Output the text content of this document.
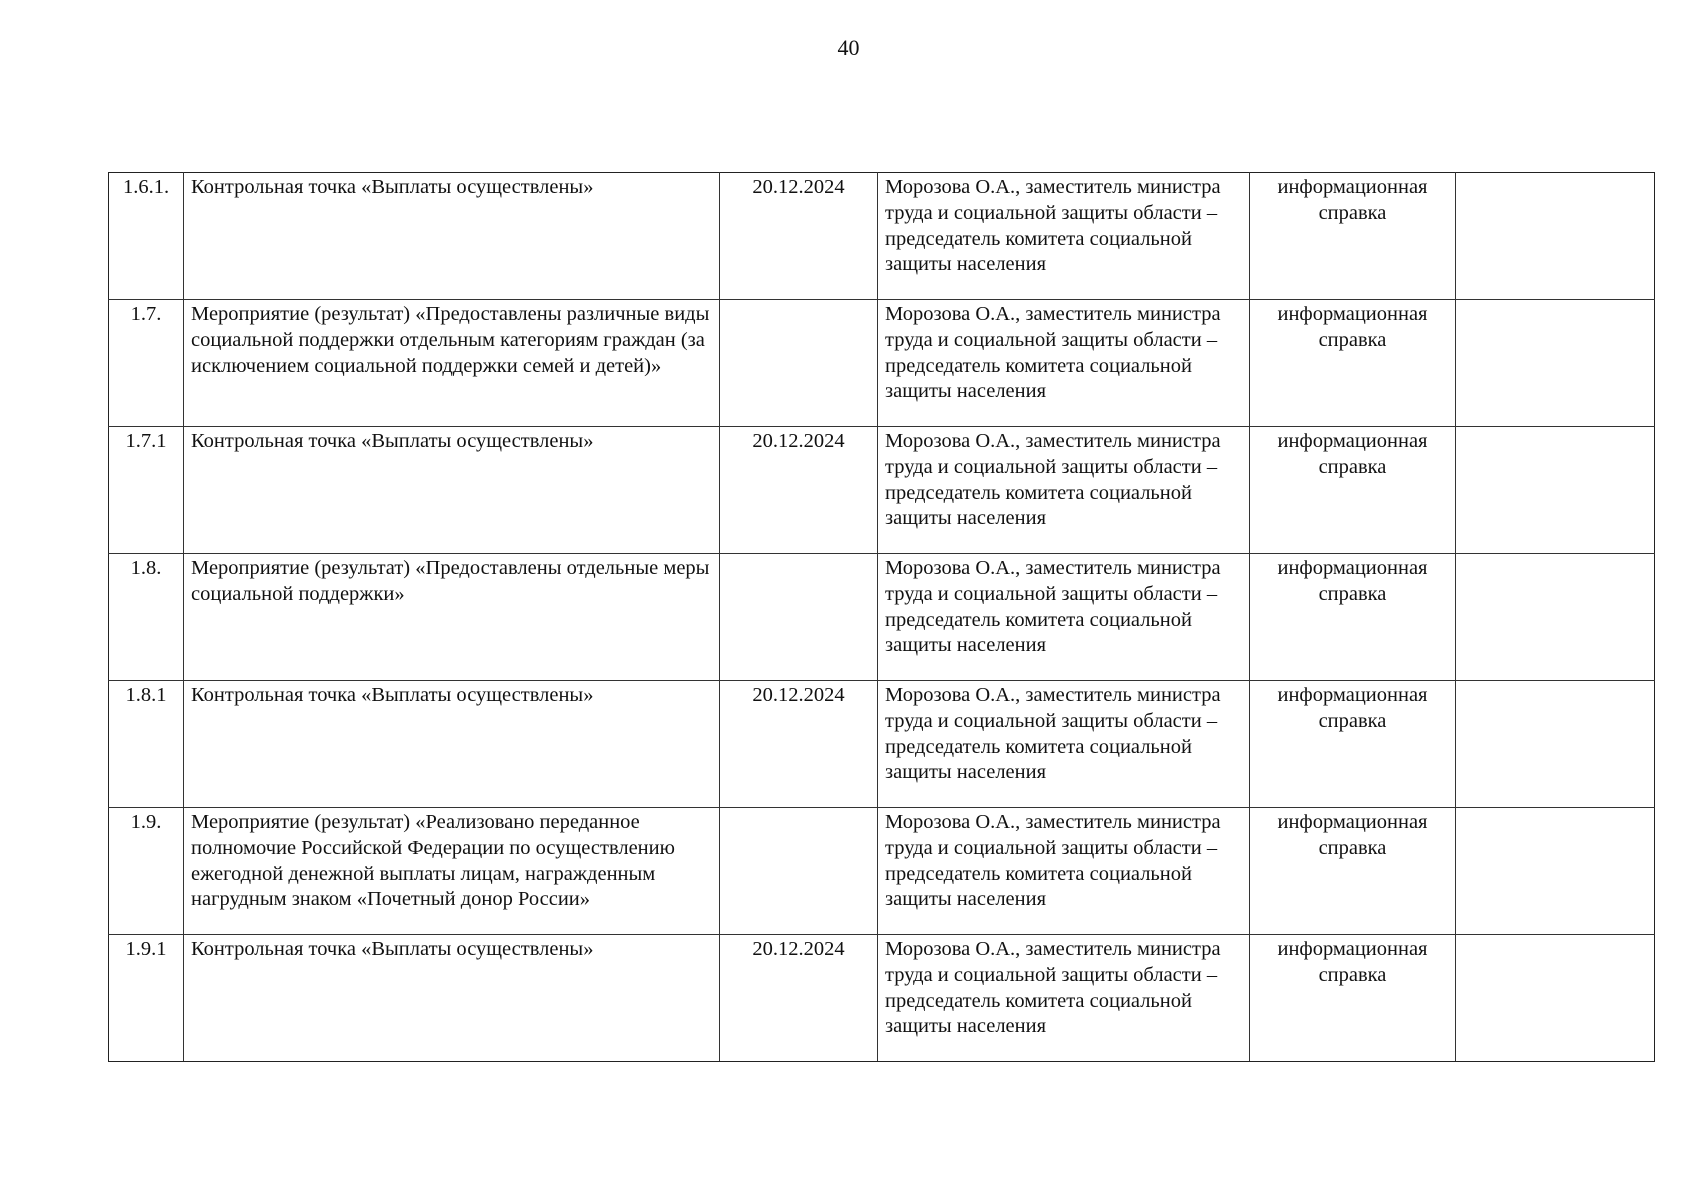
40
1.6.1.	Контрольная точка «Выплаты осуществлены»	20.12.2024	Морозова О.А., заместитель министра труда и социальной защиты области – председатель комитета социальной защиты населения	информационная справка	
1.7.	Мероприятие (результат) «Предоставлены различные виды социальной поддержки отдельным категориям граждан (за исключением социальной поддержки семей и детей)»		Морозова О.А., заместитель министра труда и социальной защиты области – председатель комитета социальной защиты населения	информационная справка	
1.7.1	Контрольная точка «Выплаты осуществлены»	20.12.2024	Морозова О.А., заместитель министра труда и социальной защиты области – председатель комитета социальной защиты населения	информационная справка	
1.8.	Мероприятие (результат) «Предоставлены отдельные меры социальной поддержки»		Морозова О.А., заместитель министра труда и социальной защиты области – председатель комитета социальной защиты населения	информационная справка	
1.8.1	Контрольная точка «Выплаты осуществлены»	20.12.2024	Морозова О.А., заместитель министра труда и социальной защиты области – председатель комитета социальной защиты населения	информационная справка	
1.9.	Мероприятие (результат) «Реализовано переданное полномочие Российской Федерации по осуществлению ежегодной денежной выплаты лицам, награжденным нагрудным знаком «Почетный донор России»		Морозова О.А., заместитель министра труда и социальной защиты области – председатель комитета социальной защиты населения	информационная справка	
1.9.1	Контрольная точка «Выплаты осуществлены»	20.12.2024	Морозова О.А., заместитель министра труда и социальной защиты области – председатель комитета социальной защиты населения	информационная справка	
